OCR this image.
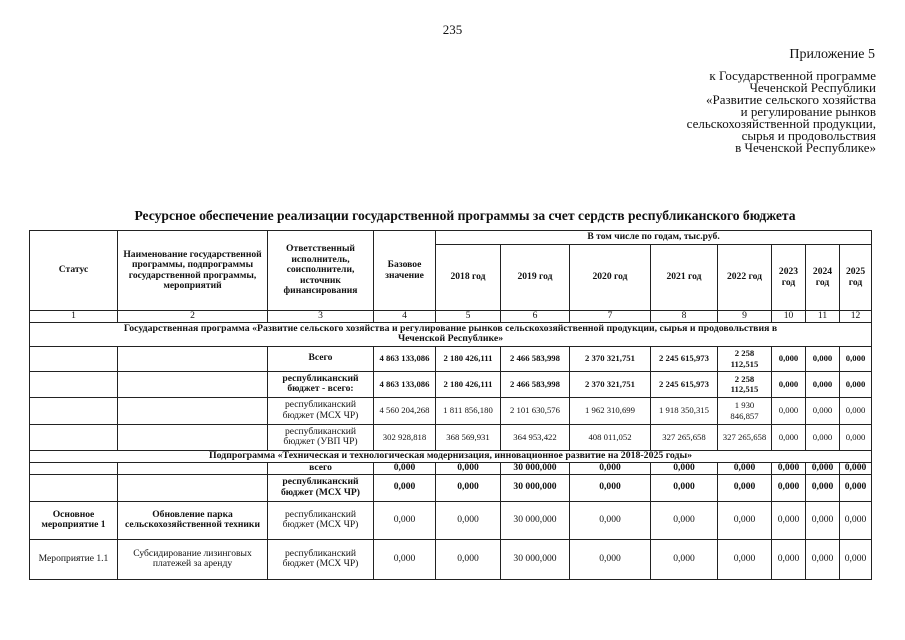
235
Приложение 5
к Государственной программе
Чеченской Республики
«Развитие сельского хозяйства
и регулирование рынков
сельскохозяйственной продукции,
сырья и продовольствия
в Чеченской Республике»
Ресурсное обеспечение реализации государственной программы за счет сердств республиканского бюджета
Статус	Наименование государственной программы, подпрограммы государственной программы, мероприятий	Ответственный исполнитель, соисполнители, источник финансирования	Базовое значение	В том числе по годам, тыс.руб.							
				2018 год	2019 год	2020 год	2021 год	2022 год	2023 год	2024 год	2025 год
1	2	3	4	5	6	7	8	9	10	11	12
Государственная программа «Развитие сельского хозяйства и регулирование рынков сельскохозяйственной продукции, сырья и продовольствия в Чеченской Республике»											
		Всего	4 863 133,086	2 180 426,111	2 466 583,998	2 370 321,751	2 245 615,973	2 258 112,515	0,000	0,000	0,000
		республиканский бюджет - всего:	4 863 133,086	2 180 426,111	2 466 583,998	2 370 321,751	2 245 615,973	2 258 112,515	0,000	0,000	0,000
		республиканский бюджет (МСХ ЧР)	4 560 204,268	1 811 856,180	2 101 630,576	1 962 310,699	1 918 350,315	1 930 846,857	0,000	0,000	0,000
		республиканский бюджет (УВП ЧР)	302 928,818	368 569,931	364 953,422	408 011,052	327 265,658	327 265,658	0,000	0,000	0,000
Подпрограмма «Техническая и технологическая модернизация, инновационное развитие на 2018-2025 годы»											
		всего	0,000	0,000	30 000,000	0,000	0,000	0,000	0,000	0,000	0,000
		республиканский бюджет (МСХ ЧР)	0,000	0,000	30 000,000	0,000	0,000	0,000	0,000	0,000	0,000
Основное мероприятие 1	Обновление парка сельскохозяйственной техники	республиканский бюджет (МСХ ЧР)	0,000	0,000	30 000,000	0,000	0,000	0,000	0,000	0,000	0,000
Мероприятие 1.1	Субсидирование лизинговых платежей за аренду	республиканский бюджет (МСХ ЧР)	0,000	0,000	30 000,000	0,000	0,000	0,000	0,000	0,000	0,000
